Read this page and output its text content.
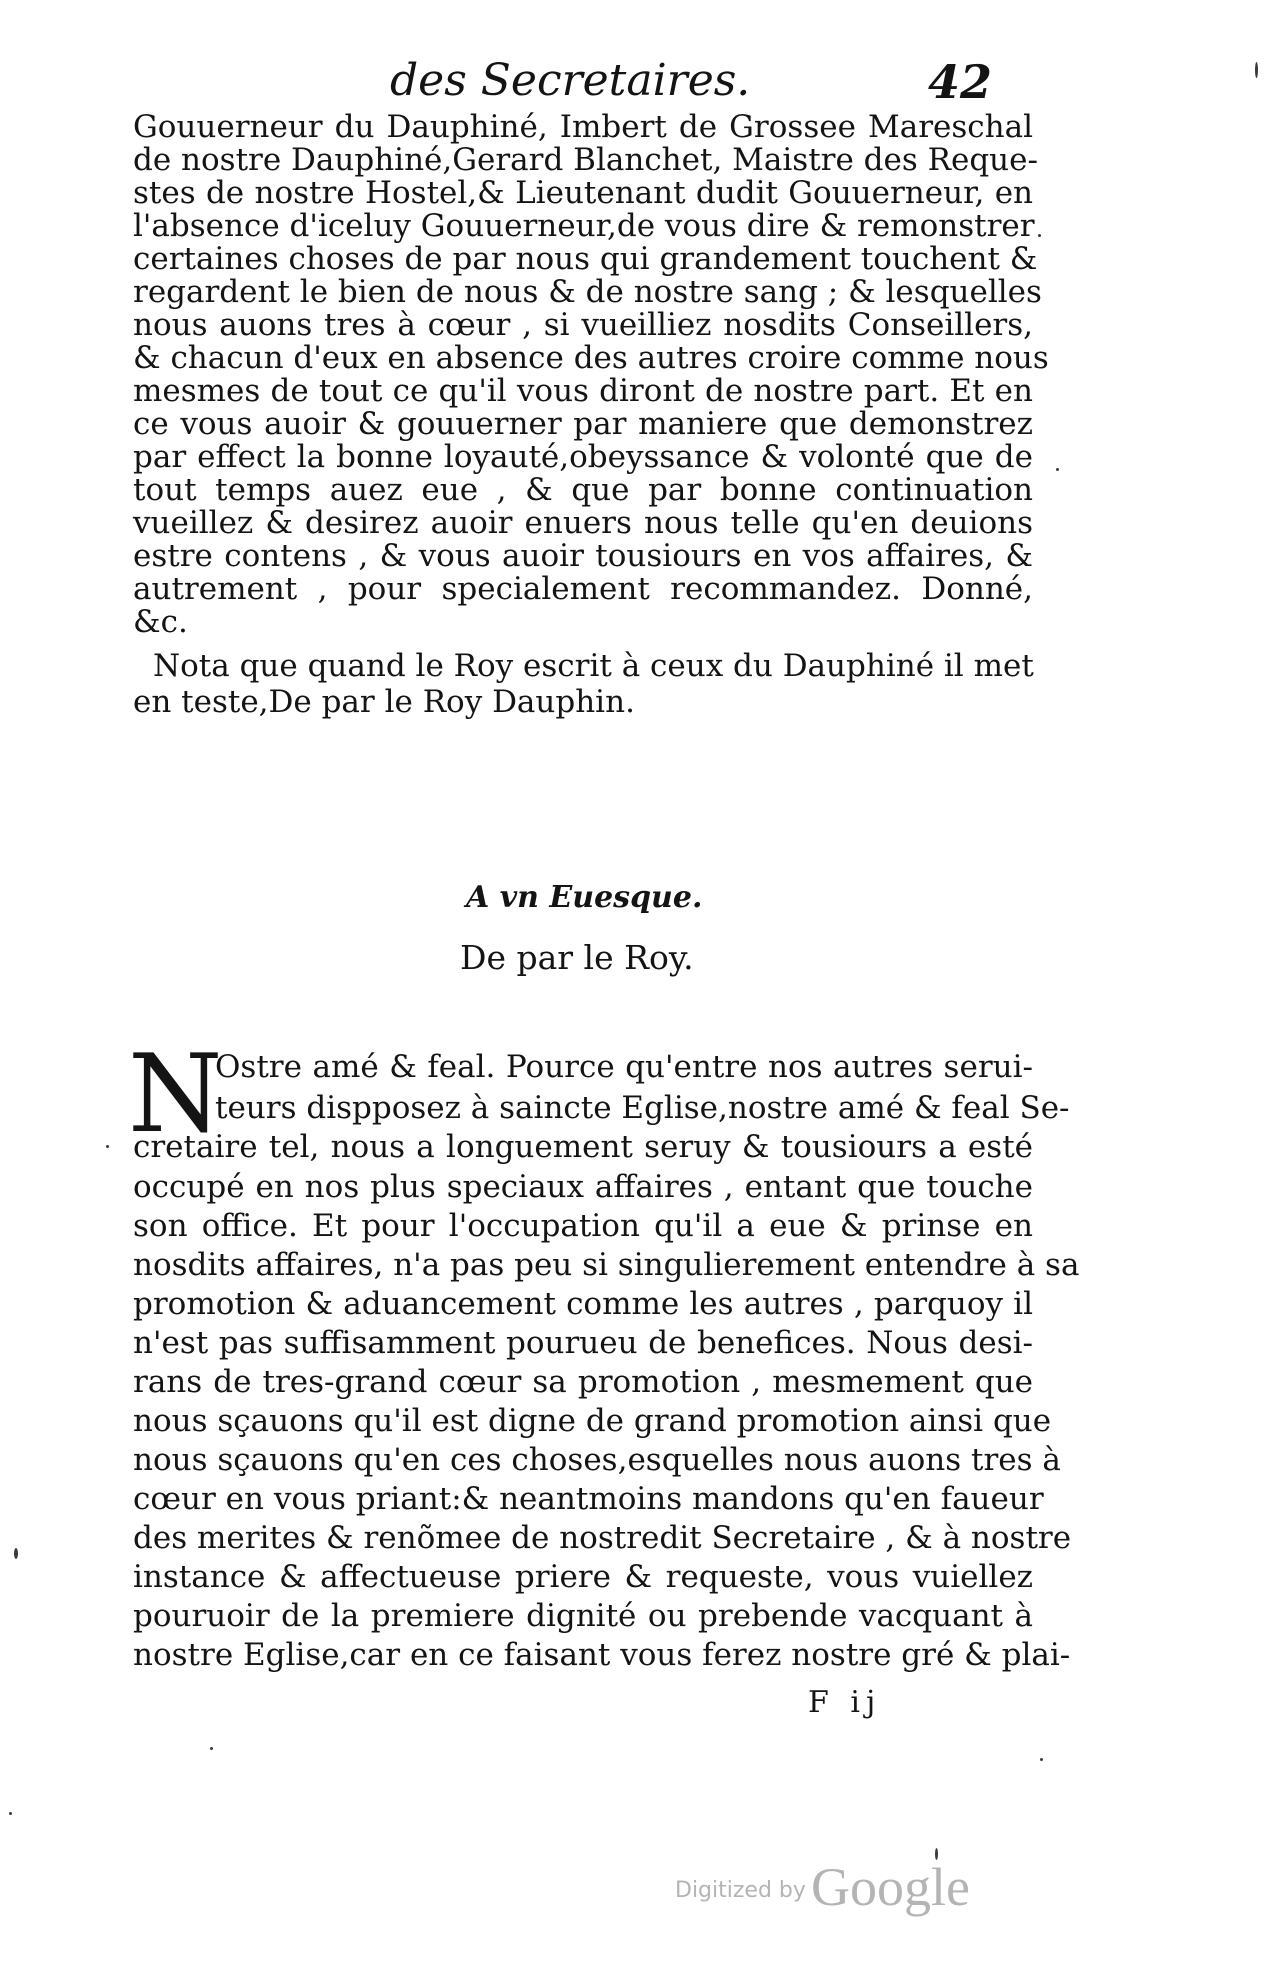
des Secretaires.	42
Gouuerneur du Dauphiné, Imbert de Grossee Mareschal
de nostre Dauphiné,Gerard Blanchet, Maistre des Reque-
stes de nostre Hostel,& Lieutenant dudit Gouuerneur, en
l'absence d'iceluy Gouuerneur,de vous dire & remonstrer
certaines choses de par nous qui grandement touchent &
regardent le bien de nous & de nostre sang ; & lesquelles
nous auons tres à cœur , si vueilliez nosdits Conseillers,
& chacun d'eux en absence des autres croire comme nous
mesmes de tout ce qu'il vous diront de nostre part. Et en
ce vous auoir & gouuerner par maniere que demonstrez
par effect la bonne loyauté,obeyssance & volonté que de
tout temps auez eue , & que par bonne continuation
vueillez & desirez auoir enuers nous telle qu'en deuions
estre contens , & vous auoir tousiours en vos affaires, &
autrement , pour specialement recommandez. Donné,
&c.
Nota que quand le Roy escrit à ceux du Dauphiné il met
en teste,De par le Roy Dauphin.
A vn Euesque.
De par le Roy.
N
Ostre amé & feal. Pource qu'entre nos autres serui-
teurs dispposez à saincte Eglise,nostre amé & feal Se-
cretaire tel, nous a longuement seruy & tousiours a esté
occupé en nos plus speciaux affaires , entant que touche
son office. Et pour l'occupation qu'il a eue & prinse en
nosdits affaires, n'a pas peu si singulierement entendre à sa
promotion & aduancement comme les autres , parquoy il
n'est pas suffisamment pourueu de benefices. Nous desi-
rans de tres-grand cœur sa promotion , mesmement que
nous sçauons qu'il est digne de grand promotion ainsi que
nous sçauons qu'en ces choses,esquelles nous auons tres à
cœur en vous priant:& neantmoins mandons qu'en faueur
des merites & renõmee de nostredit Secretaire , & à nostre
instance & affectueuse priere & requeste, vous vuiellez
pouruoir de la premiere dignité ou prebende vacquant à
nostre Eglise,car en ce faisant vous ferez nostre gré & plai-
F ij
Digitized by Google
